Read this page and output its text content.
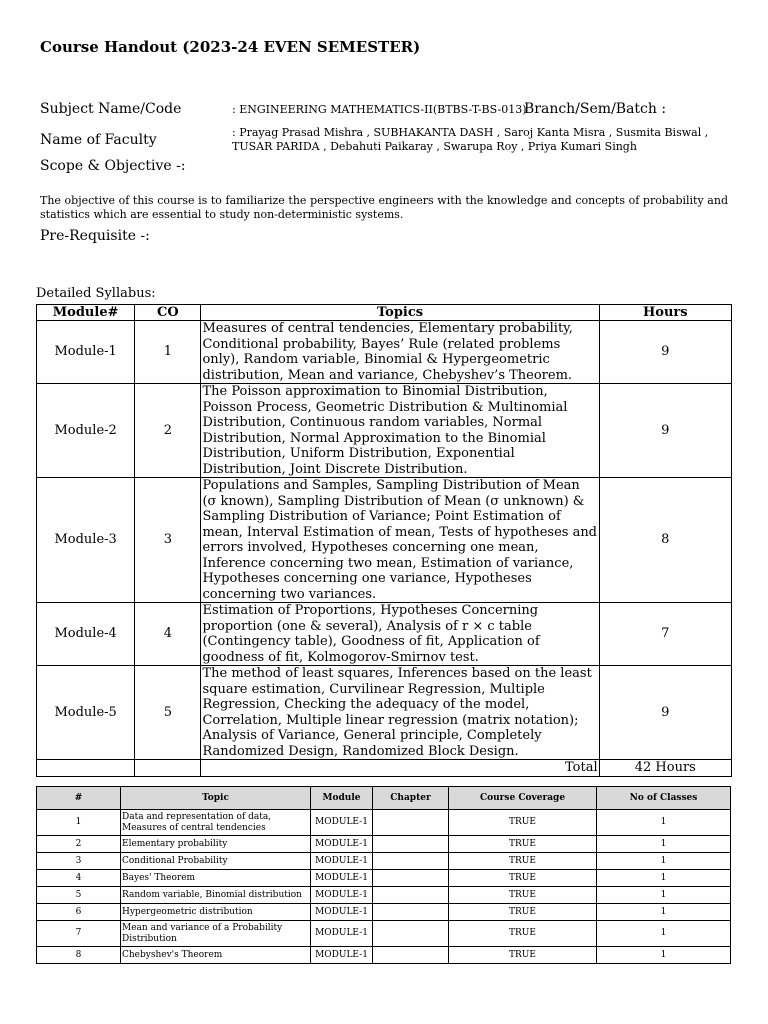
Course Handout (2023-24 EVEN SEMESTER)
Subject Name/Code	: ENGINEERING MATHEMATICS-II(BTBS-T-BS-013)
Branch/Sem/Batch :
Name of Faculty	: Prayag Prasad Mishra , SUBHAKANTA DASH , Saroj Kanta Misra , Susmita Biswal , TUSAR PARIDA , Debahuti Paikaray , Swarupa Roy , Priya Kumari Singh
Scope & Objective -:
The objective of this course is to familiarize the perspective engineers with the knowledge and concepts of probability and statistics which are essential to study non-deterministic systems.
Pre-Requisite -:
Detailed Syllabus:
Module#	CO	Topics	Hours
Module-1	1	Measures of central tendencies, Elementary probability, Conditional probability, Bayes’ Rule (related problems only), Random variable, Binomial & Hypergeometric distribution, Mean and variance, Chebyshev’s Theorem.	9
Module-2	2	The Poisson approximation to Binomial Distribution, Poisson Process, Geometric Distribution & Multinomial Distribution, Continuous random variables, Normal Distribution, Normal Approximation to the Binomial Distribution, Uniform Distribution, Exponential Distribution, Joint Discrete Distribution.	9
Module-3	3	Populations and Samples, Sampling Distribution of Mean (σ known), Sampling Distribution of Mean (σ unknown) & Sampling Distribution of Variance; Point Estimation of mean, Interval Estimation of mean, Tests of hypotheses and errors involved, Hypotheses concerning one mean, Inference concerning two mean, Estimation of variance, Hypotheses concerning one variance, Hypotheses concerning two variances.	8
Module-4	4	Estimation of Proportions, Hypotheses Concerning proportion (one & several), Analysis of r × c table (Contingency table), Goodness of fit, Application of goodness of fit, Kolmogorov-Smirnov test.	7
Module-5	5	The method of least squares, Inferences based on the least square estimation, Curvilinear Regression, Multiple Regression, Checking the adequacy of the model, Correlation, Multiple linear regression (matrix notation); Analysis of Variance, General principle, Completely Randomized Design, Randomized Block Design.	9
		Total	42 Hours
#	Topic	Module	Chapter	Course Coverage	No of Classes
1	Data and representation of data, Measures of central tendencies	MODULE-1		TRUE	1
2	Elementary probability	MODULE-1		TRUE	1
3	Conditional Probability	MODULE-1		TRUE	1
4	Bayes' Theorem	MODULE-1		TRUE	1
5	Random variable, Binomial distribution	MODULE-1		TRUE	1
6	Hypergeometric distribution	MODULE-1		TRUE	1
7	Mean and variance of a Probability Distribution	MODULE-1		TRUE	1
8	Chebyshev's Theorem	MODULE-1		TRUE	1
